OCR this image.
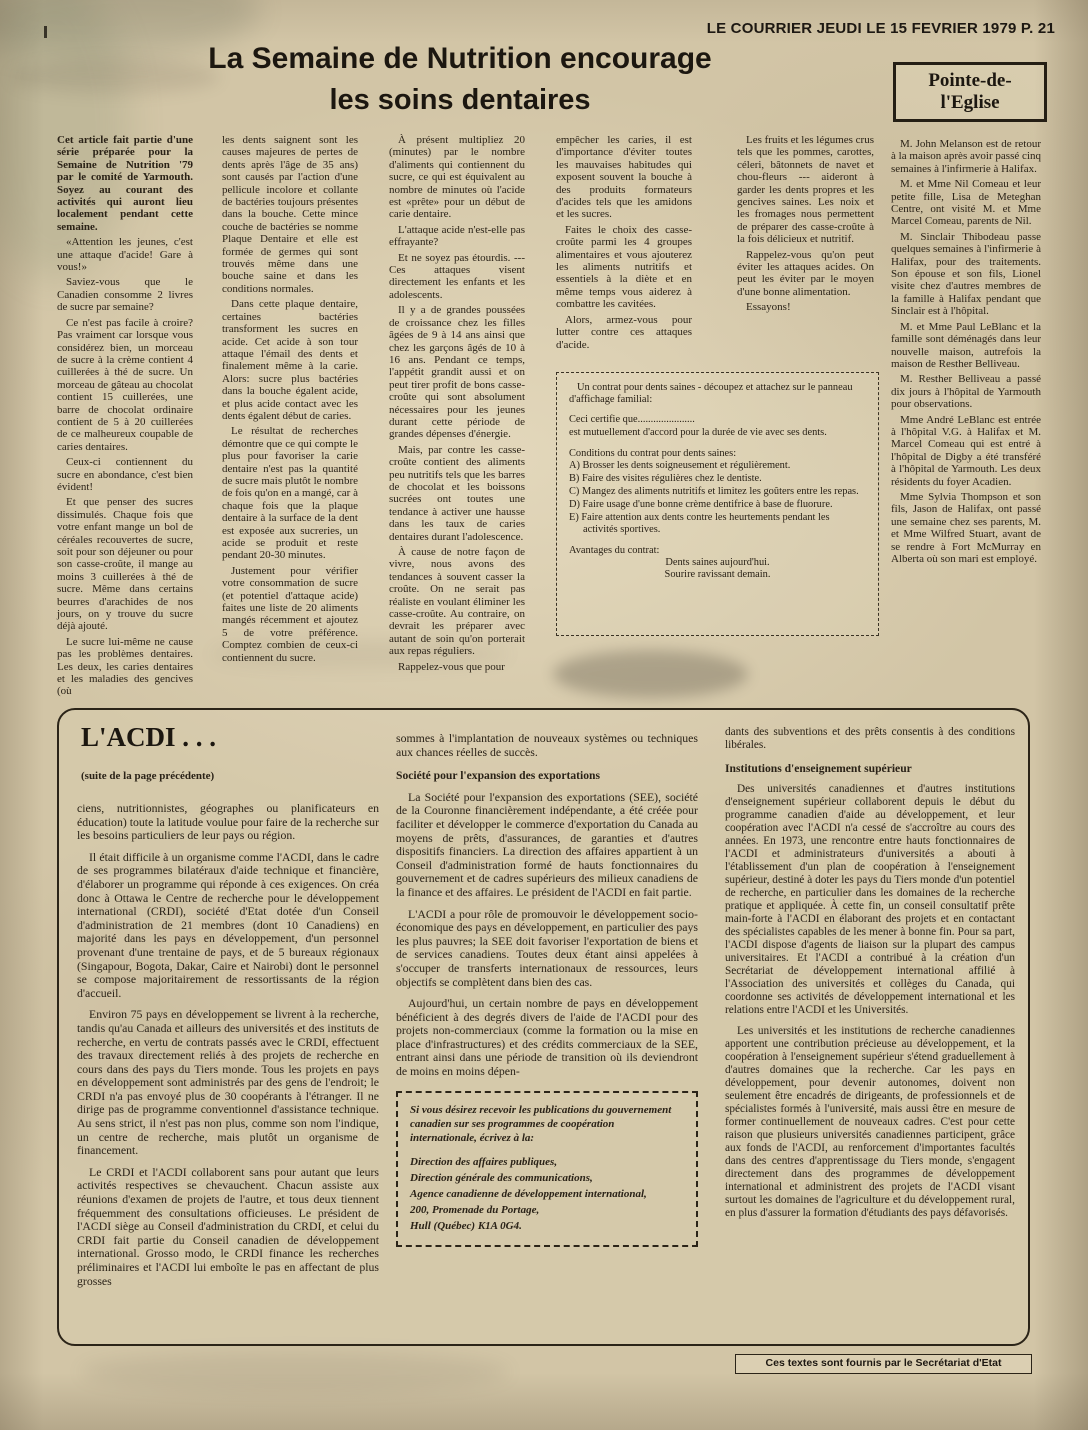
LE COURRIER JEUDI LE 15 FEVRIER 1979 P. 21
La Semaine de Nutrition encourage
les soins dentaires
Pointe-de-
l'Eglise

Cet article fait partie d'une série préparée pour la Semaine de Nutrition '79 par le comité de Yarmouth. Soyez au courant des activités qui auront lieu localement pendant cette semaine.

«Attention les jeunes, c'est une attaque d'acide! Gare à vous!»

Saviez-vous que le Canadien consomme 2 livres de sucre par semaine?

Ce n'est pas facile à croire? Pas vraiment car lorsque vous considérez bien, un morceau de sucre à la crème contient 4 cuillerées à thé de sucre. Un morceau de gâteau au chocolat contient 15 cuillerées, une barre de chocolat ordinaire contient de 5 à 20 cuillerées de ce malheureux coupable de caries dentaires.

Ceux-ci contiennent du sucre en abondance, c'est bien évident!

Et que penser des sucres dissimulés. Chaque fois que votre enfant mange un bol de céréales recouvertes de sucre, soit pour son déjeuner ou pour son casse-croûte, il mange au moins 3 cuillerées à thé de sucre. Même dans certains beurres d'arachides de nos jours, on y trouve du sucre déjà ajouté.

Le sucre lui-même ne cause pas les problèmes dentaires. Les deux, les caries dentaires et les maladies des gencives (où

les dents saignent sont les causes majeures de pertes de dents après l'âge de 35 ans) sont causés par l'action d'une pellicule incolore et collante de bactéries toujours présentes dans la bouche. Cette mince couche de bactéries se nomme Plaque Dentaire et elle est formée de germes qui sont trouvés même dans une bouche saine et dans les conditions normales.

Dans cette plaque dentaire, certaines bactéries transforment les sucres en acide. Cet acide à son tour attaque l'émail des dents et finalement même à la carie. Alors: sucre plus bactéries dans la bouche égalent acide, et plus acide contact avec les dents égalent début de caries.

Le résultat de recherches démontre que ce qui compte le plus pour favoriser la carie dentaire n'est pas la quantité de sucre mais plutôt le nombre de fois qu'on en a mangé, car à chaque fois que la plaque dentaire à la surface de la dent est exposée aux sucreries, un acide se produit et reste pendant 20-30 minutes.

Justement pour vérifier votre consommation de sucre (et potentiel d'attaque acide) faites une liste de 20 aliments mangés récemment et ajoutez 5 de votre préférence. Comptez combien de ceux-ci contiennent du sucre.

À présent multipliez 20 (minutes) par le nombre d'aliments qui contiennent du sucre, ce qui est équivalent au nombre de minutes où l'acide est «prête» pour un début de carie dentaire.

L'attaque acide n'est-elle pas effrayante?

Et ne soyez pas étourdis. --- Ces attaques visent directement les enfants et les adolescents.

Il y a de grandes poussées de croissance chez les filles âgées de 9 à 14 ans ainsi que chez les garçons âgés de 10 à 16 ans. Pendant ce temps, l'appétit grandit aussi et on peut tirer profit de bons casse-croûte qui sont absolument nécessaires pour les jeunes durant cette période de grandes dépenses d'énergie.

Mais, par contre les casse-croûte contient des aliments peu nutritifs tels que les barres de chocolat et les boissons sucrées ont toutes une tendance à activer une hausse dans les taux de caries dentaires durant l'adolescence.

À cause de notre façon de vivre, nous avons des tendances à souvent casser la croûte. On ne serait pas réaliste en voulant éliminer les casse-croûte. Au contraire, on devrait les préparer avec autant de soin qu'on porterait aux repas réguliers.

Rappelez-vous que pour

empêcher les caries, il est d'importance d'éviter toutes les mauvaises habitudes qui exposent souvent la bouche à des produits formateurs d'acides tels que les amidons et les sucres.

Faites le choix des casse-croûte parmi les 4 groupes alimentaires et vous ajouterez les aliments nutritifs et essentiels à la diète et en même temps vous aiderez à combattre les cavitées.

Alors, armez-vous pour lutter contre ces attaques d'acide.

Les fruits et les légumes crus tels que les pommes, carottes, céleri, bâtonnets de navet et chou-fleurs --- aideront à garder les dents propres et les gencives saines. Les noix et les fromages nous permettent de préparer des casse-croûte à la fois délicieux et nutritif.

Rappelez-vous qu'on peut éviter les attaques acides. On peut les éviter par le moyen d'une bonne alimentation.

Essayons!

Un contrat pour dents saines - découpez et attachez sur le panneau d'affichage familial:

Ceci certifie que......................

est mutuellement d'accord pour la durée de vie avec ses dents.

Conditions du contrat pour dents saines:

A) Brosser les dents soigneusement et régulièrement.

B) Faire des visites régulières chez le dentiste.

C) Mangez des aliments nutritifs et limitez les goûters entre les repas.

D) Faire usage d'une bonne crème dentifrice à base de fluorure.

E) Faire attention aux dents contre les heurtements pendant les activités sportives.

Avantages du contrat:

Dents saines aujourd'hui.

Sourire ravissant demain.

M. John Melanson est de retour à la maison après avoir passé cinq semaines à l'infirmerie à Halifax.

M. et Mme Nil Comeau et leur petite fille, Lisa de Meteghan Centre, ont visité M. et Mme Marcel Comeau, parents de Nil.

M. Sinclair Thibodeau passe quelques semaines à l'infirmerie à Halifax, pour des traitements. Son épouse et son fils, Lionel visite chez d'autres membres de la famille à Halifax pendant que Sinclair est à l'hôpital.

M. et Mme Paul LeBlanc et la famille sont déménagés dans leur nouvelle maison, autrefois la maison de Resther Belliveau.

M. Resther Belliveau a passé dix jours à l'hôpital de Yarmouth pour observations.

Mme André LeBlanc est entrée à l'hôpital V.G. à Halifax et M. Marcel Comeau qui est entré à l'hôpital de Digby a été transféré à l'hôpital de Yarmouth. Les deux résidents du foyer Acadien.

Mme Sylvia Thompson et son fils, Jason de Halifax, ont passé une semaine chez ses parents, M. et Mme Wilfred Stuart, avant de se rendre à Fort McMurray en Alberta où son mari est employé.

L'ACDI . . .
(suite de la page précédente)

ciens, nutritionnistes, géographes ou planificateurs en éducation) toute la latitude voulue pour faire de la recherche sur les besoins particuliers de leur pays ou région.

Il était difficile à un organisme comme l'ACDI, dans le cadre de ses programmes bilatéraux d'aide technique et financière, d'élaborer un programme qui réponde à ces exigences. On créa donc à Ottawa le Centre de recherche pour le développement international (CRDI), société d'Etat dotée d'un Conseil d'administration de 21 membres (dont 10 Canadiens) en majorité dans les pays en développement, d'un personnel provenant d'une trentaine de pays, et de 5 bureaux régionaux (Singapour, Bogota, Dakar, Caire et Nairobi) dont le personnel se compose majoritairement de ressortissants de la région d'accueil.

Environ 75 pays en développement se livrent à la recherche, tandis qu'au Canada et ailleurs des universités et des instituts de recherche, en vertu de contrats passés avec le CRDI, effectuent des travaux directement reliés à des projets de recherche en cours dans des pays du Tiers monde. Tous les projets en pays en développement sont administrés par des gens de l'endroit; le CRDI n'a pas envoyé plus de 30 coopérants à l'étranger. Il ne dirige pas de programme conventionnel d'assistance technique. Au sens strict, il n'est pas non plus, comme son nom l'indique, un centre de recherche, mais plutôt un organisme de financement.

Le CRDI et l'ACDI collaborent sans pour autant que leurs activités respectives se chevauchent. Chacun assiste aux réunions d'examen de projets de l'autre, et tous deux tiennent fréquemment des consultations officieuses. Le président de l'ACDI siège au Conseil d'administration du CRDI, et celui du CRDI fait partie du Conseil canadien de développement international. Grosso modo, le CRDI finance les recherches préliminaires et l'ACDI lui emboîte le pas en affectant de plus grosses

sommes à l'implantation de nouveaux systèmes ou techniques aux chances réelles de succès.

Société pour l'expansion des exportations

La Société pour l'expansion des exportations (SEE), société de la Couronne financièrement indépendante, a été créée pour faciliter et développer le commerce d'exportation du Canada au moyens de prêts, d'assurances, de garanties et d'autres dispositifs financiers. La direction des affaires appartient à un Conseil d'administration formé de hauts fonctionnaires du gouvernement et de cadres supérieurs des milieux canadiens de la finance et des affaires. Le président de l'ACDI en fait partie.

L'ACDI a pour rôle de promouvoir le développement socio-économique des pays en développement, en particulier des pays les plus pauvres; la SEE doit favoriser l'exportation de biens et de services canadiens. Toutes deux étant ainsi appelées à s'occuper de transferts internationaux de ressources, leurs objectifs se complètent dans bien des cas.

Aujourd'hui, un certain nombre de pays en développement bénéficient à des degrés divers de l'aide de l'ACDI pour des projets non-commerciaux (comme la formation ou la mise en place d'infrastructures) et des crédits commerciaux de la SEE, entrant ainsi dans une période de transition où ils deviendront de moins en moins dépen-

Si vous désirez recevoir les publications du gouvernement canadien sur ses programmes de coopération internationale, écrivez à la:

Direction des affaires publiques,

Direction générale des communications,

Agence canadienne de développement international,

200, Promenade du Portage,

Hull (Québec) K1A 0G4.

dants des subventions et des prêts consentis à des conditions libérales.

Institutions d'enseignement supérieur

Des universités canadiennes et d'autres institutions d'enseignement supérieur collaborent depuis le début du programme canadien d'aide au développement, et leur coopération avec l'ACDI n'a cessé de s'accroître au cours des années. En 1973, une rencontre entre hauts fonctionnaires de l'ACDI et administrateurs d'universités a abouti à l'établissement d'un plan de coopération à l'enseignement supérieur, destiné à doter les pays du Tiers monde d'un potentiel de recherche, en particulier dans les domaines de la recherche pratique et appliquée. À cette fin, un conseil consultatif prête main-forte à l'ACDI en élaborant des projets et en contactant des spécialistes capables de les mener à bonne fin. Pour sa part, l'ACDI dispose d'agents de liaison sur la plupart des campus universitaires. Et l'ACDI a contribué à la création d'un Secrétariat de développement international affilié à l'Association des universités et collèges du Canada, qui coordonne ses activités de développement international et les relations entre l'ACDI et les Universités.

Les universités et les institutions de recherche canadiennes apportent une contribution précieuse au développement, et la coopération à l'enseignement supérieur s'étend graduellement à d'autres domaines que la recherche. Car les pays en développement, pour devenir autonomes, doivent non seulement être encadrés de dirigeants, de professionnels et de spécialistes formés à l'université, mais aussi être en mesure de former continuellement de nouveaux cadres. C'est pour cette raison que plusieurs universités canadiennes participent, grâce aux fonds de l'ACDI, au renforcement d'importantes facultés dans des centres d'apprentissage du Tiers monde, s'engagent directement dans des programmes de développement international et administrent des projets de l'ACDI visant surtout les domaines de l'agriculture et du développement rural, en plus d'assurer la formation d'étudiants des pays défavorisés.

Ces textes sont fournis par le Secrétariat d'Etat
